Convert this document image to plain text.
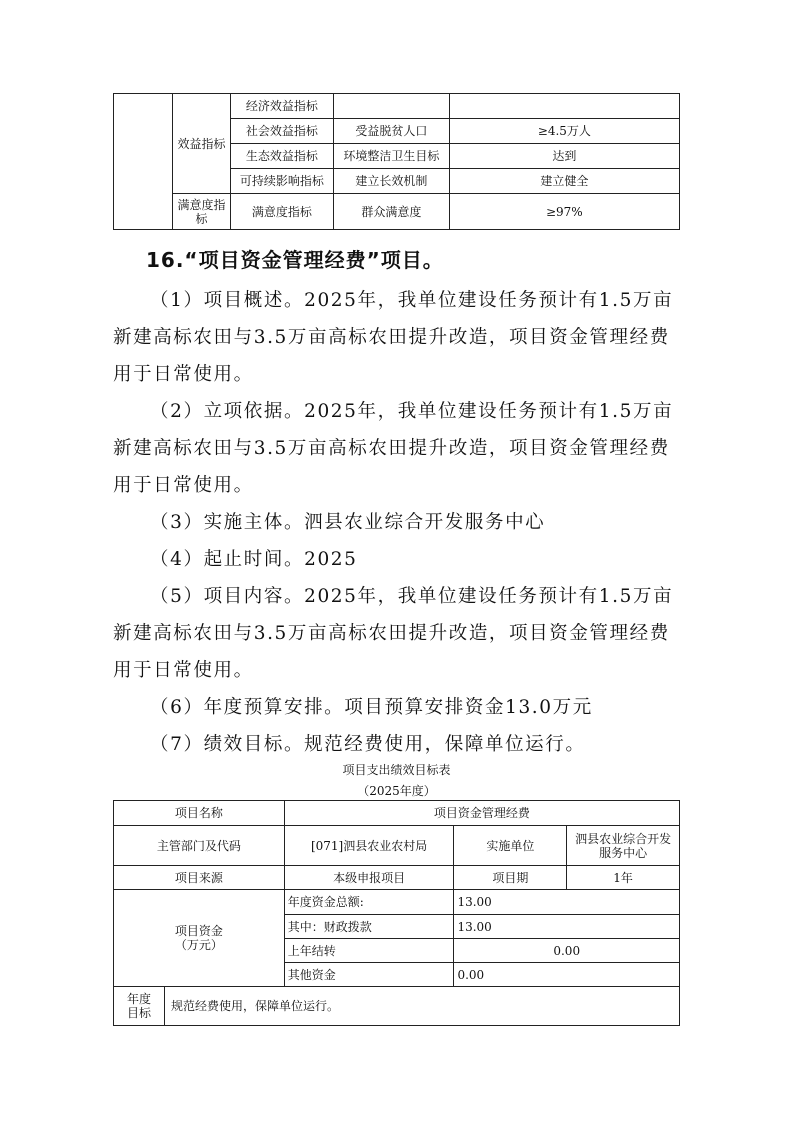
	效益指标	经济效益指标		
		社会效益指标	受益脱贫人口	≥4.5万人
		生态效益指标	环境整洁卫生目标	达到
		可持续影响指标	建立长效机制	建立健全
	满意度指标	满意度指标	群众满意度	≥97%
16.“项目资金管理经费”项目。

（1）项目概述。2025年，我单位建设任务预计有1.5万亩新建高标农田与3.5万亩高标农田提升改造，项目资金管理经费用于日常使用。

（2）立项依据。2025年，我单位建设任务预计有1.5万亩新建高标农田与3.5万亩高标农田提升改造，项目资金管理经费用于日常使用。

（3）实施主体。泗县农业综合开发服务中心

（4）起止时间。2025

（5）项目内容。2025年，我单位建设任务预计有1.5万亩新建高标农田与3.5万亩高标农田提升改造，项目资金管理经费用于日常使用。

（6）年度预算安排。项目预算安排资金13.0万元

（7）绩效目标。规范经费使用，保障单位运行。

项目支出绩效目标表
（2025年度）
项目名称	项目资金管理经费		
主管部门及代码	[071]泗县农业农村局	实施单位	泗县农业综合开发服务中心
项目来源	本级申报项目	项目期	1年
项目资金（万元）	年度资金总额:	13.00	
	其中：财政拨款	13.00	
	上年结转	0.00	
	其他资金	0.00	

年度目标 规范经费使用，保障单位运行。			
